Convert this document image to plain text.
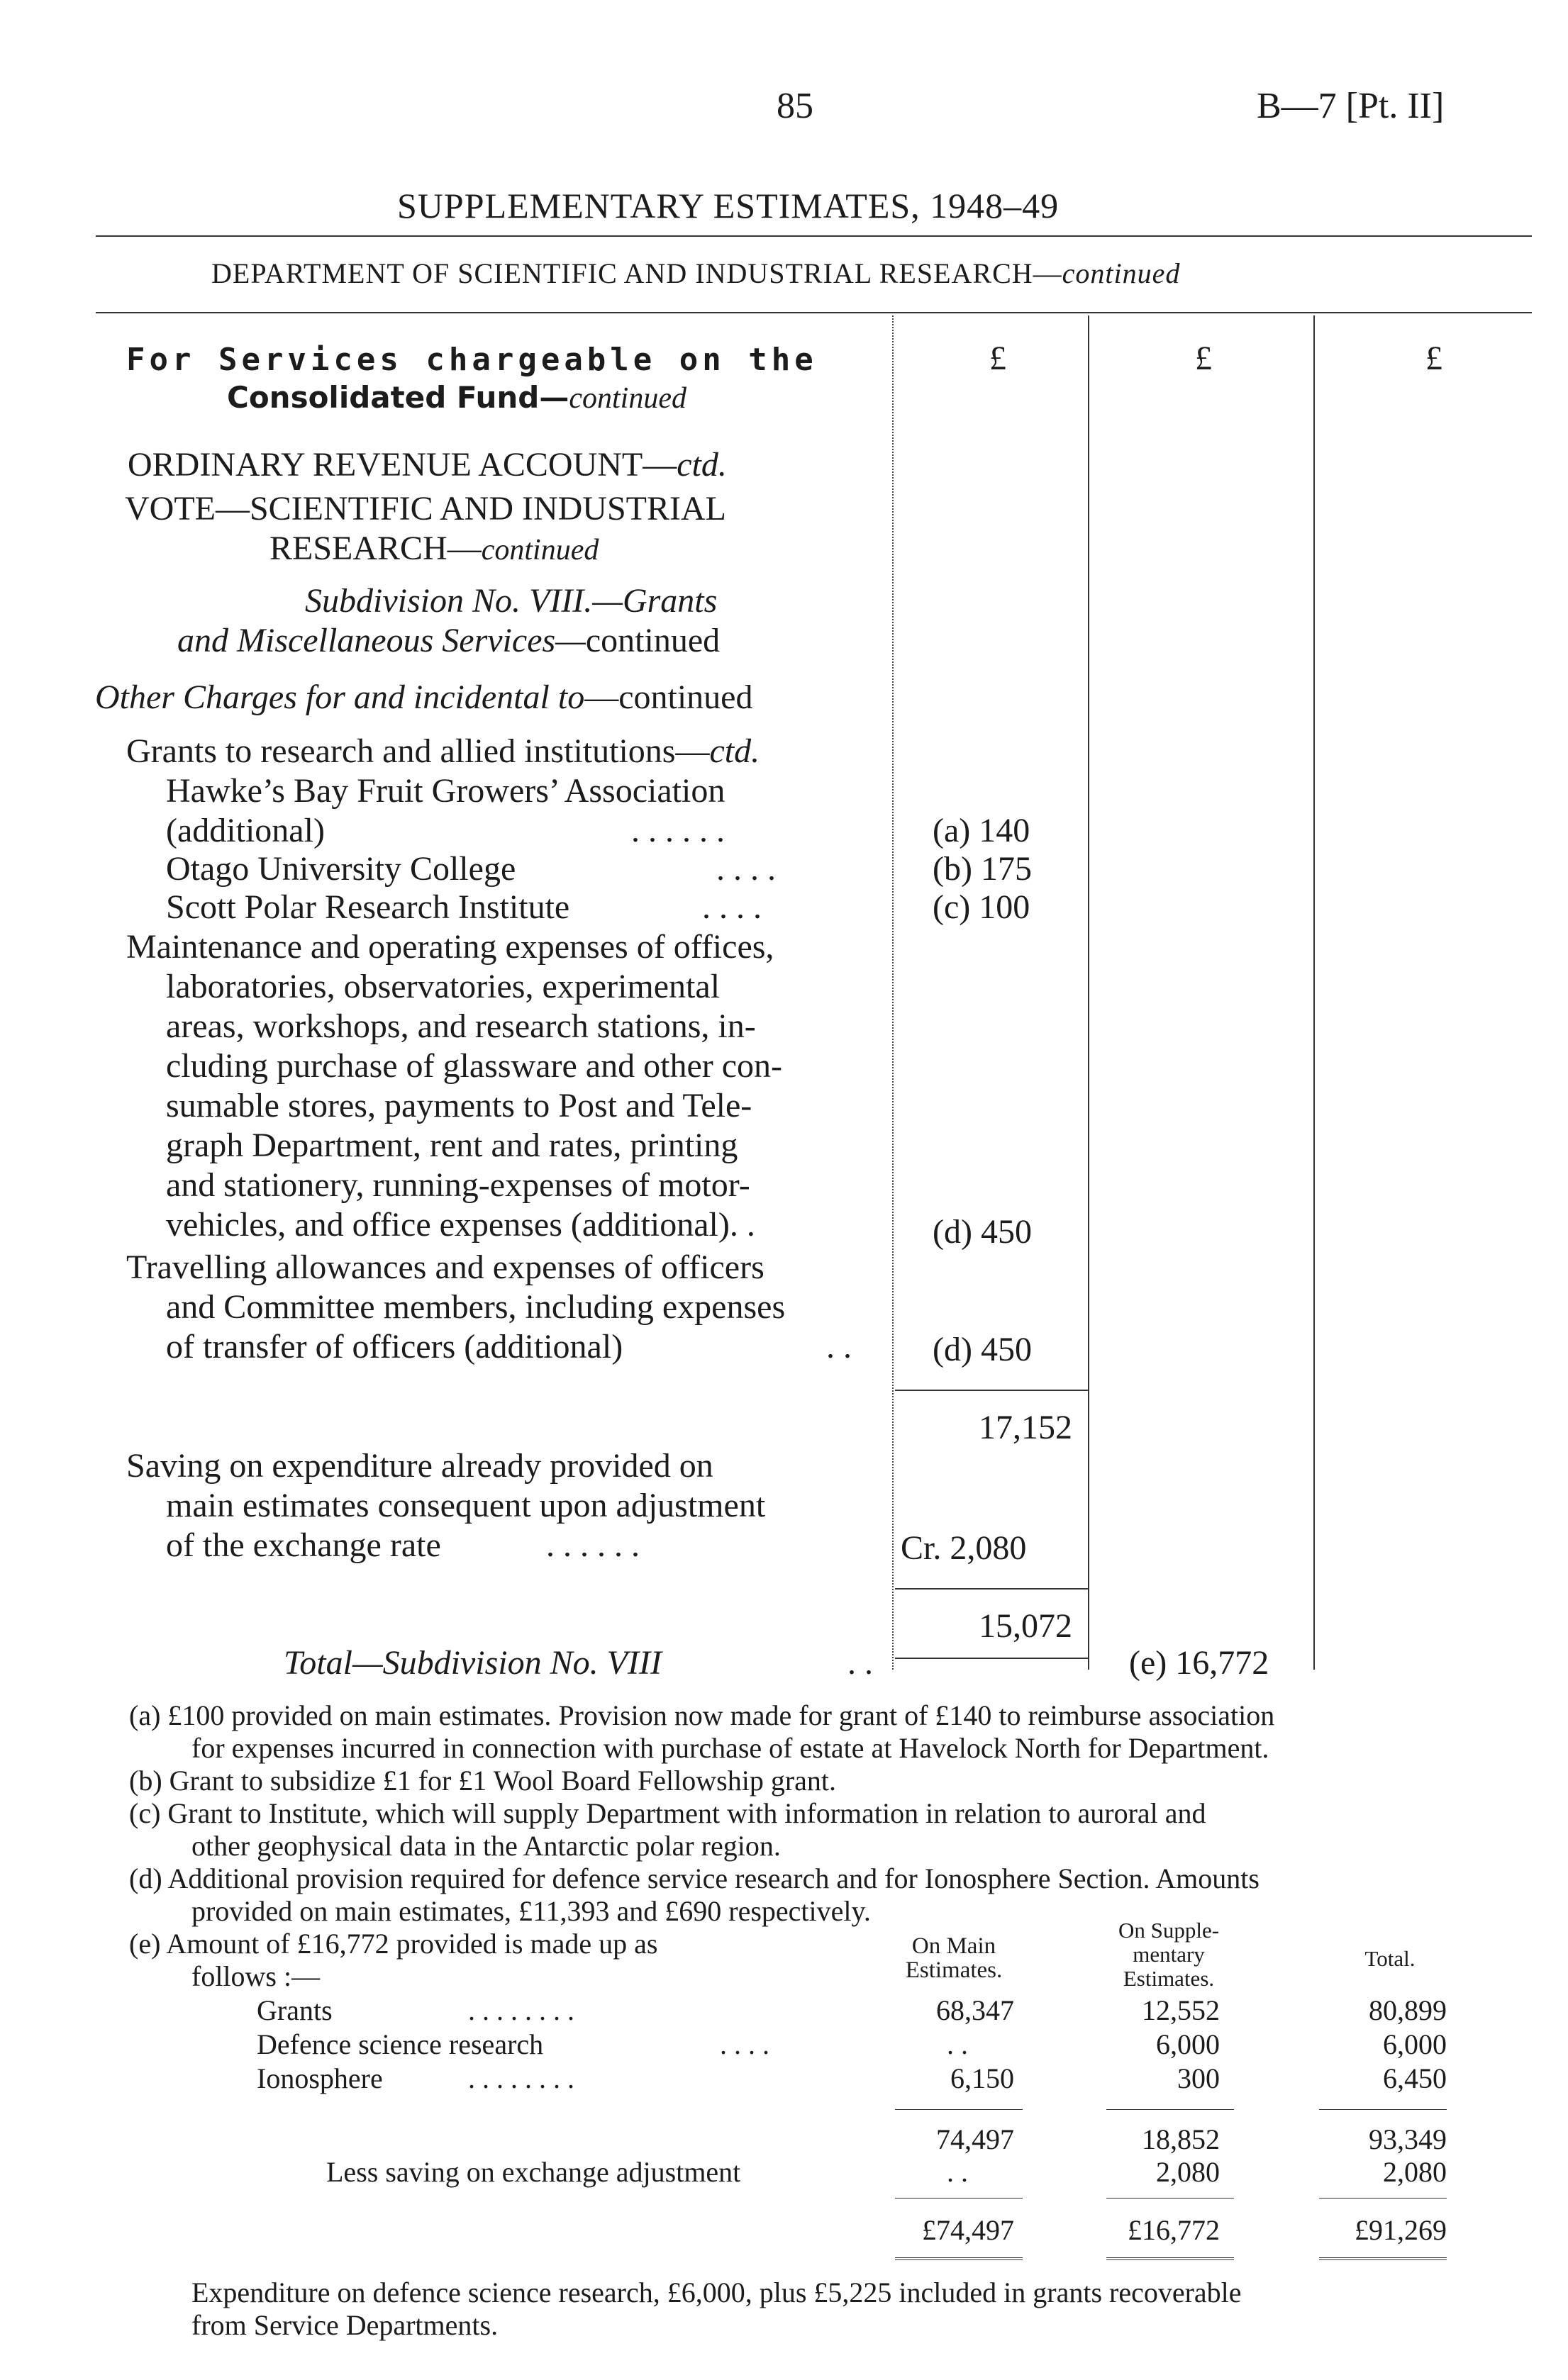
85	B—7 [Pt. II]
SUPPLEMENTARY ESTIMATES, 1948–49
DEPARTMENT OF SCIENTIFIC AND INDUSTRIAL RESEARCH—continued
£	£	£
For Services chargeable on the
Consolidated Fund—continued
ORDINARY REVENUE ACCOUNT—ctd.
VOTE—SCIENTIFIC AND INDUSTRIAL
RESEARCH—continued
Subdivision No. VIII.—Grants
and Miscellaneous Services—continued
Other Charges for and incidental to—continued
Grants to research and allied institutions—ctd.
Hawke’s Bay Fruit Growers’ Association
(additional)	. . . . . .	(a) 140
Otago University College	. . . .	(b) 175
Scott Polar Research Institute	. . . .	(c) 100
Maintenance and operating expenses of offices,
laboratories, observatories, experimental
areas, workshops, and research stations, in-
cluding purchase of glassware and other con-
sumable stores, payments to Post and Tele-
graph Department, rent and rates, printing
and stationery, running-expenses of motor-
vehicles, and office expenses (additional). .	(d) 450
Travelling allowances and expenses of officers
and Committee members, including expenses
of transfer of officers (additional)	. . (d) 450
17,152
Saving on expenditure already provided on
main estimates consequent upon adjustment
of the exchange rate	. . . . . .	Cr. 2,080
15,072
Total—Subdivision No. VIII	. .	(e) 16,772
(a) £100 provided on main estimates. Provision now made for grant of £140 to reimburse association
for expenses incurred in connection with purchase of estate at Havelock North for Department.
(b) Grant to subsidize £1 for £1 Wool Board Fellowship grant.
(c) Grant to Institute, which will supply Department with information in relation to auroral and
other geophysical data in the Antarctic polar region.
(d) Additional provision required for defence service research and for Ionosphere Section. Amounts
provided on main estimates, £11,393 and £690 respectively.
(e) Amount of £16,772 provided is made up as
follows :—
On Main
Estimates.
On Supple-
mentary
Estimates.
Total.
Grants	. . . . . . . .	68,347	12,552	80,899
Defence science research	. . . .	. .	6,000	6,000
Ionosphere	. . . . . . . .	6,150	300	6,450
74,497	18,852	93,349
Less saving on exchange adjustment	. .	2,080	2,080
£74,497	£16,772	£91,269
Expenditure on defence science research, £6,000, plus £5,225 included in grants recoverable
from Service Departments.
